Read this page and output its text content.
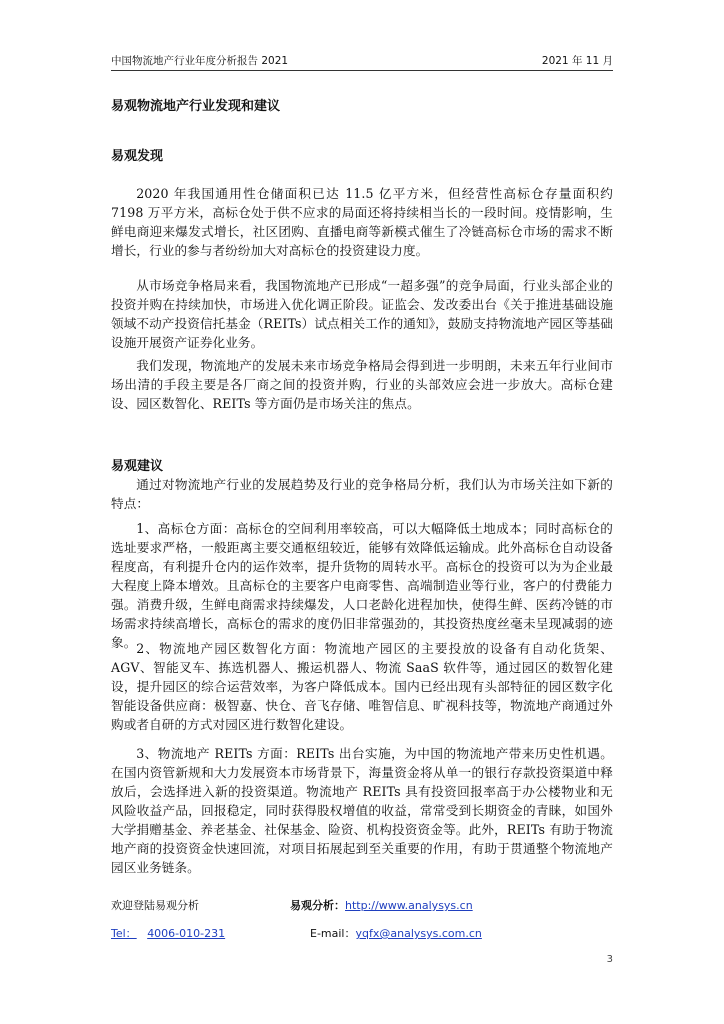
中国物流地产行业年度分析报告 2021	2021 年 11 月
易观物流地产行业发现和建议
易观发现

2020 年我国通用性仓储面积已达 11.5 亿平方米，但经营性高标仓存量面积约 7198 万平方米，高标仓处于供不应求的局面还将持续相当长的一段时间。疫情影响，生鲜电商迎来爆发式增长，社区团购、直播电商等新模式催生了冷链高标仓市场的需求不断增长，行业的参与者纷纷加大对高标仓的投资建设力度。

从市场竞争格局来看，我国物流地产已形成“一超多强”的竞争局面，行业头部企业的投资并购在持续加快，市场进入优化调正阶段。证监会、发改委出台《关于推进基础设施领域不动产投资信托基金（REITs）试点相关工作的通知》，鼓励支持物流地产园区等基础设施开展资产证券化业务。

我们发现，物流地产的发展未来市场竞争格局会得到进一步明朗，未来五年行业间市场出清的手段主要是各厂商之间的投资并购，行业的头部效应会进一步放大。高标仓建设、园区数智化、REITs 等方面仍是市场关注的焦点。

易观建议

通过对物流地产行业的发展趋势及行业的竞争格局分析，我们认为市场关注如下新的特点：

1、高标仓方面：高标仓的空间利用率较高，可以大幅降低土地成本；同时高标仓的选址要求严格，一般距离主要交通枢纽较近，能够有效降低运输成。此外高标仓自动设备程度高，有利提升仓内的运作效率，提升货物的周转水平。高标仓的投资可以为为企业最大程度上降本增效。且高标仓的主要客户电商零售、高端制造业等行业，客户的付费能力强。消费升级，生鲜电商需求持续爆发，人口老龄化进程加快，使得生鲜、医药冷链的市场需求持续高增长，高标仓的需求的度仍旧非常强劲的，其投资热度丝毫未呈现减弱的迹象。 2、物流地产园区数智化方面：物流地产园区的主要投放的设备有自动化货架、AGV、智能叉车、拣选机器人、搬运机器人、物流 SaaS 软件等，通过园区的数智化建设，提升园区的综合运营效率，为客户降低成本。国内已经出现有头部特征的园区数字化智能设备供应商：极智嘉、快仓、音飞存储、唯智信息、旷视科技等，物流地产商通过外购或者自研的方式对园区进行数智化建设。

3、物流地产 REITs 方面：REITs 出台实施，为中国的物流地产带来历史性机遇。在国内资管新规和大力发展资本市场背景下，海量资金将从单一的银行存款投资渠道中释放后，会选择进入新的投资渠道。物流地产 REITs 具有投资回报率高于办公楼物业和无风险收益产品，回报稳定，同时获得股权增值的收益，常常受到长期资金的青睐，如国外大学捐赠基金、养老基金、社保基金、险资、机构投资资金等。此外，REITs 有助于物流地产商的投资资金快速回流，对项目拓展起到至关重要的作用，有助于贯通整个物流地产园区业务链条。

欢迎登陆易观分析	易观分析：http://www.analysys.cn
Tel： 4006-010-231	E-mail：yqfx@analysys.com.cn
3
